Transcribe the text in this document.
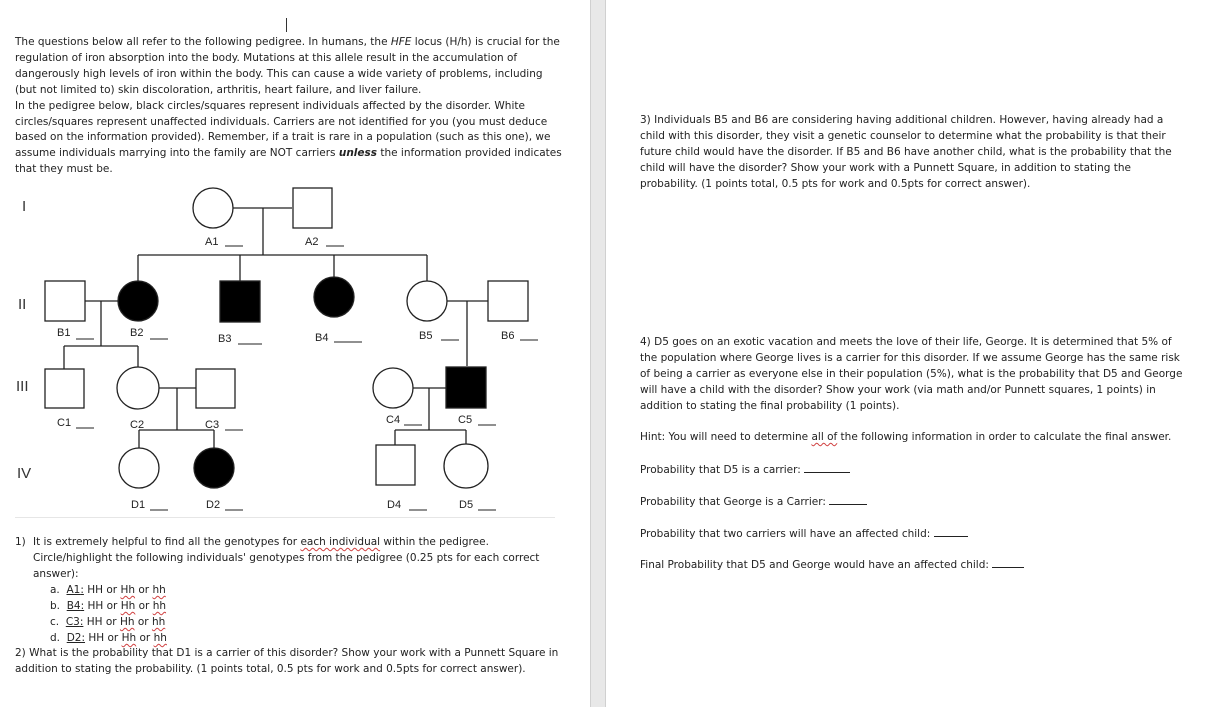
The questions below all refer to the following pedigree. In humans, the HFE locus (H/h) is crucial for the regulation of iron absorption into the body. Mutations at this allele result in the accumulation of dangerously high levels of iron within the body. This can cause a wide variety of problems, including (but not limited to) skin discoloration, arthritis, heart failure, and liver failure.

In the pedigree below, black circles/squares represent individuals affected by the disorder. White circles/squares represent unaffected individuals. Carriers are not identified for you (you must deduce based on the information provided). Remember, if a trait is rare in a population (such as this one), we assume individuals marrying into the family are NOT carriers unless the information provided indicates that they must be.

I
II
III
IV
A1	A2
B1	B2	B3	B4	B5	B6
C1	C2	C3	C4	C5
D1	D2	D4	D5
1) It is extremely helpful to find all the genotypes for each individual within the pedigree.
Circle/highlight the following individuals' genotypes from the pedigree (0.25 pts for each correct answer):
a. A1: HH or Hh or hh
b. B4: HH or Hh or hh
c. C3: HH or Hh or hh
d. D2: HH or Hh or hh
2) What is the probability that D1 is a carrier of this disorder? Show your work with a Punnett Square in addition to stating the probability. (1 points total, 0.5 pts for work and 0.5pts for correct answer).
3) Individuals B5 and B6 are considering having additional children. However, having already had a child with this disorder, they visit a genetic counselor to determine what the probability is that their future child would have the disorder. If B5 and B6 have another child, what is the probability that the child will have the disorder? Show your work with a Punnett Square, in addition to stating the probability. (1 points total, 0.5 pts for work and 0.5pts for correct answer).
4) D5 goes on an exotic vacation and meets the love of their life, George. It is determined that 5% of the population where George lives is a carrier for this disorder. If we assume George has the same risk of being a carrier as everyone else in their population (5%), what is the probability that D5 and George will have a child with the disorder? Show your work (via math and/or Punnett squares, 1 points) in addition to stating the final probability (1 points).
Hint: You will need to determine all of the following information in order to calculate the final answer.
Probability that D5 is a carrier:
Probability that George is a Carrier:
Probability that two carriers will have an affected child:
Final Probability that D5 and George would have an affected child:
